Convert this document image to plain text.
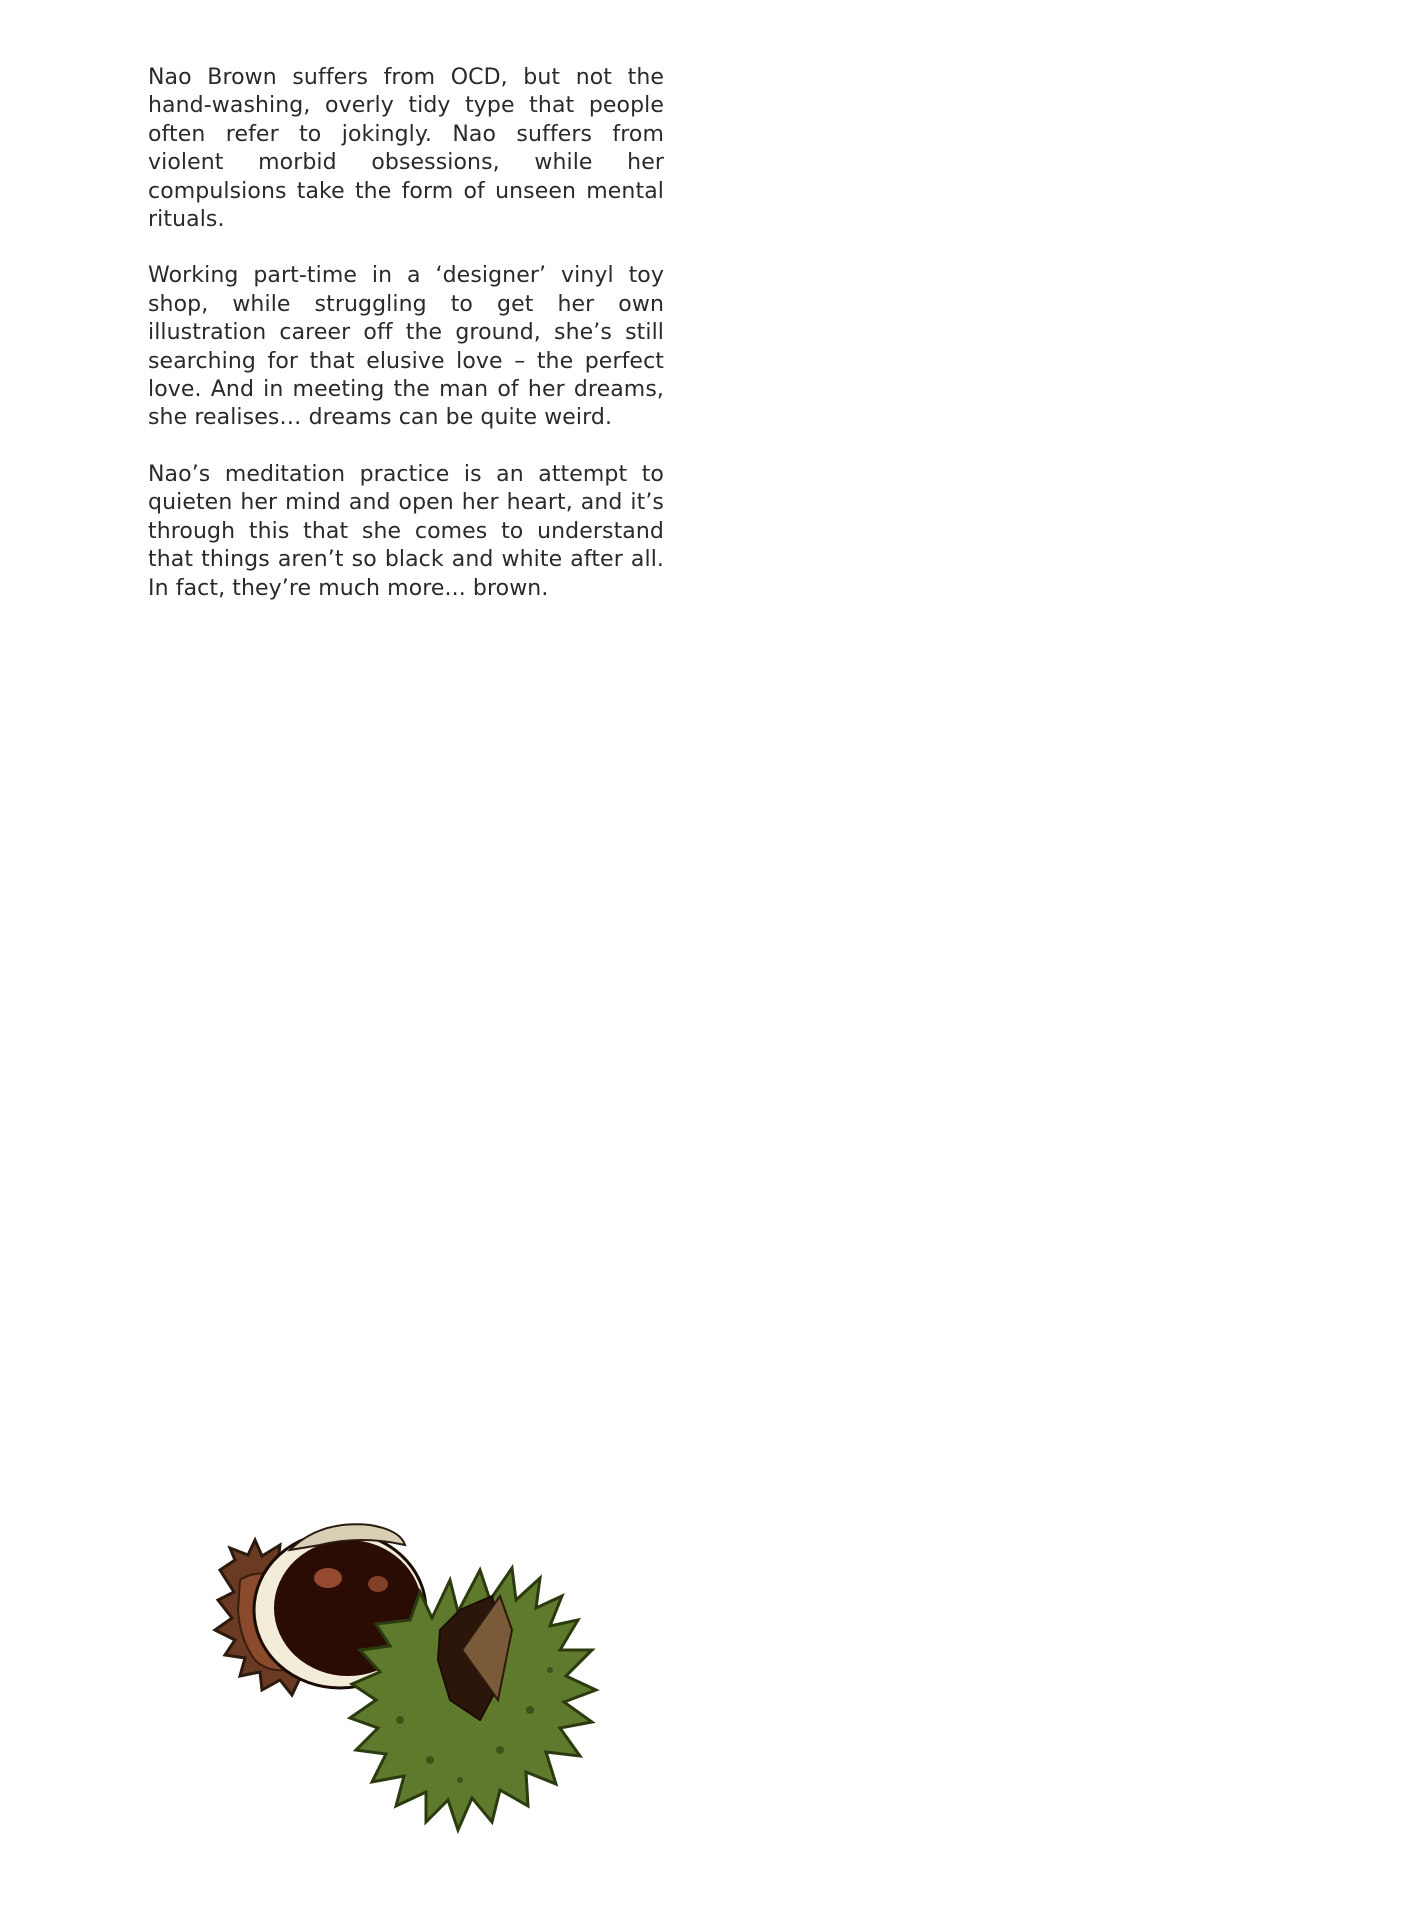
Nao Brown suffers from OCD, but not the hand-washing, overly tidy type that people often refer to jokingly. Nao suffers from violent morbid obsessions, while her compulsions take the form of unseen mental rituals.

Working part-time in a ‘designer’ vinyl toy shop, while struggling to get her own illustration career off the ground, she’s still searching for that elusive love – the perfect love. And in meeting the man of her dreams, she realises… dreams can be quite weird.

Nao’s meditation practice is an attempt to quieten her mind and open her heart, and it’s through this that she comes to understand that things aren’t so black and white after all. In fact, they’re much more... brown.
